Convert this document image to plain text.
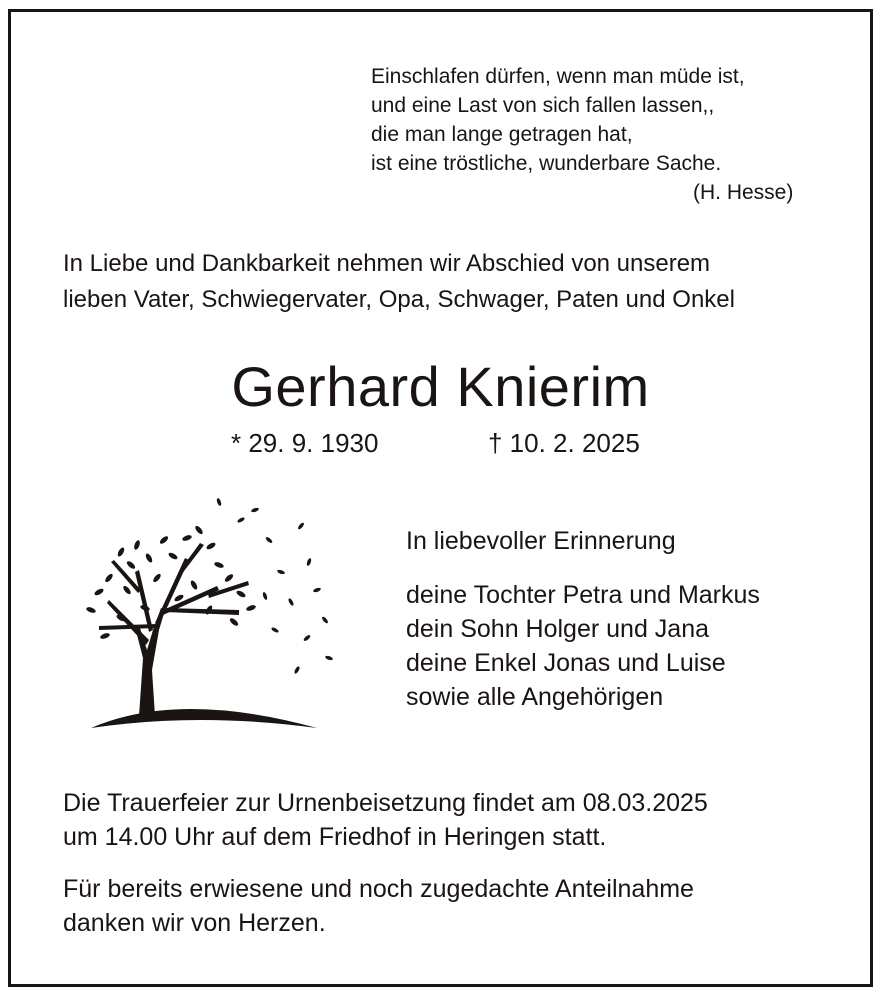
Einschlafen dürfen, wenn man müde ist,
und eine Last von sich fallen lassen,,
die man lange getragen hat,
ist eine tröstliche, wunderbare Sache.
(H. Hesse)
In Liebe und Dankbarkeit nehmen wir Abschied von unserem
lieben Vater, Schwiegervater, Opa, Schwager, Paten und Onkel
Gerhard Knierim
* 29. 9. 1930	† 10. 2. 2025
In liebevoller Erinnerung
deine Tochter Petra und Markus
dein Sohn Holger und Jana
deine Enkel Jonas und Luise
sowie alle Angehörigen
Die Trauerfeier zur Urnenbeisetzung findet am 08.03.2025
um 14.00 Uhr auf dem Friedhof in Heringen statt.
Für bereits erwiesene und noch zugedachte Anteilnahme
danken wir von Herzen.
